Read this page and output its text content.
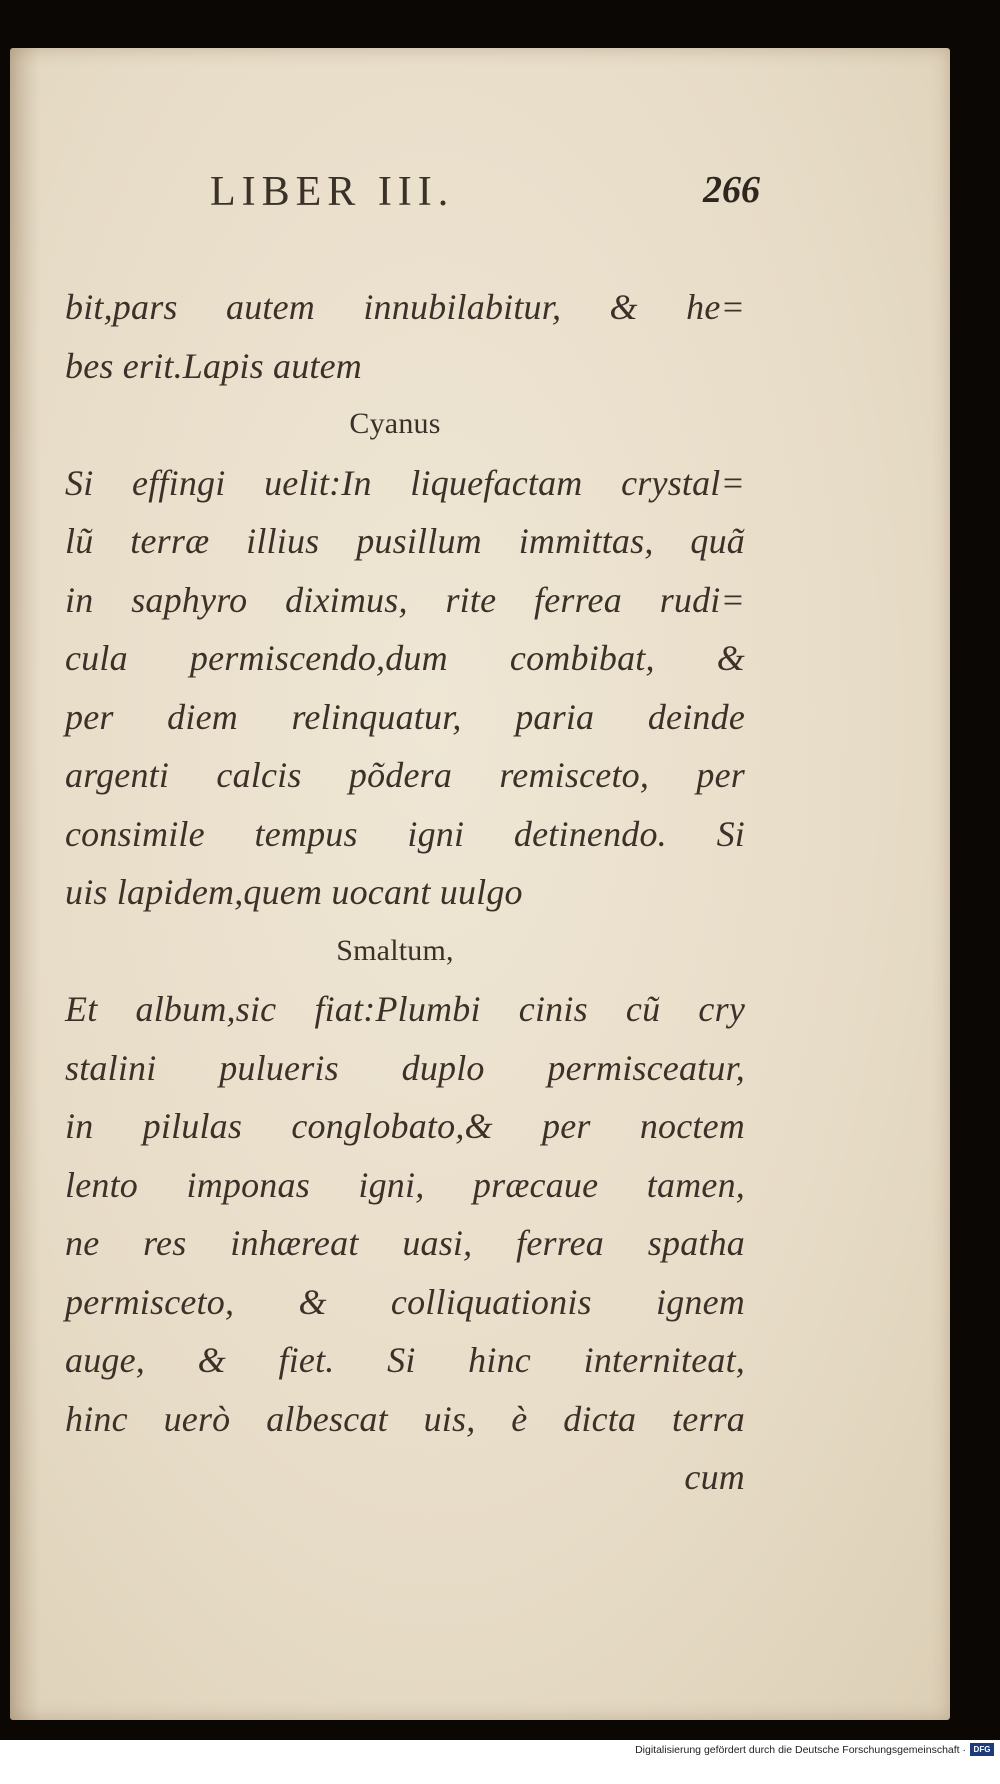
LIBER III.	266
bit,pars autem innubilabitur, & he=
bes erit.Lapis autem
Cyanus
Si effingi uelit:In liquefactam crystal=
lũ terræ illius pusillum immittas, quã
in saphyro diximus, rite ferrea rudi=
cula permiscendo,dum combibat, &
per diem relinquatur, paria deinde
argenti calcis põdera remisceto, per
consimile tempus igni detinendo. Si
uis lapidem,quem uocant uulgo
Smaltum,
Et album,sic fiat:Plumbi cinis cũ cry
stalini pulueris duplo permisceatur,
in pilulas conglobato,& per noctem
lento imponas igni, præcaue tamen,
ne res inhæreat uasi, ferrea spatha
permisceto, & colliquationis ignem
auge, & fiet. Si hinc interniteat,
hinc uerò albescat uis, è dicta terra
cum
Digitalisierung gefördert durch die Deutsche Forschungsgemeinschaft · DFG
